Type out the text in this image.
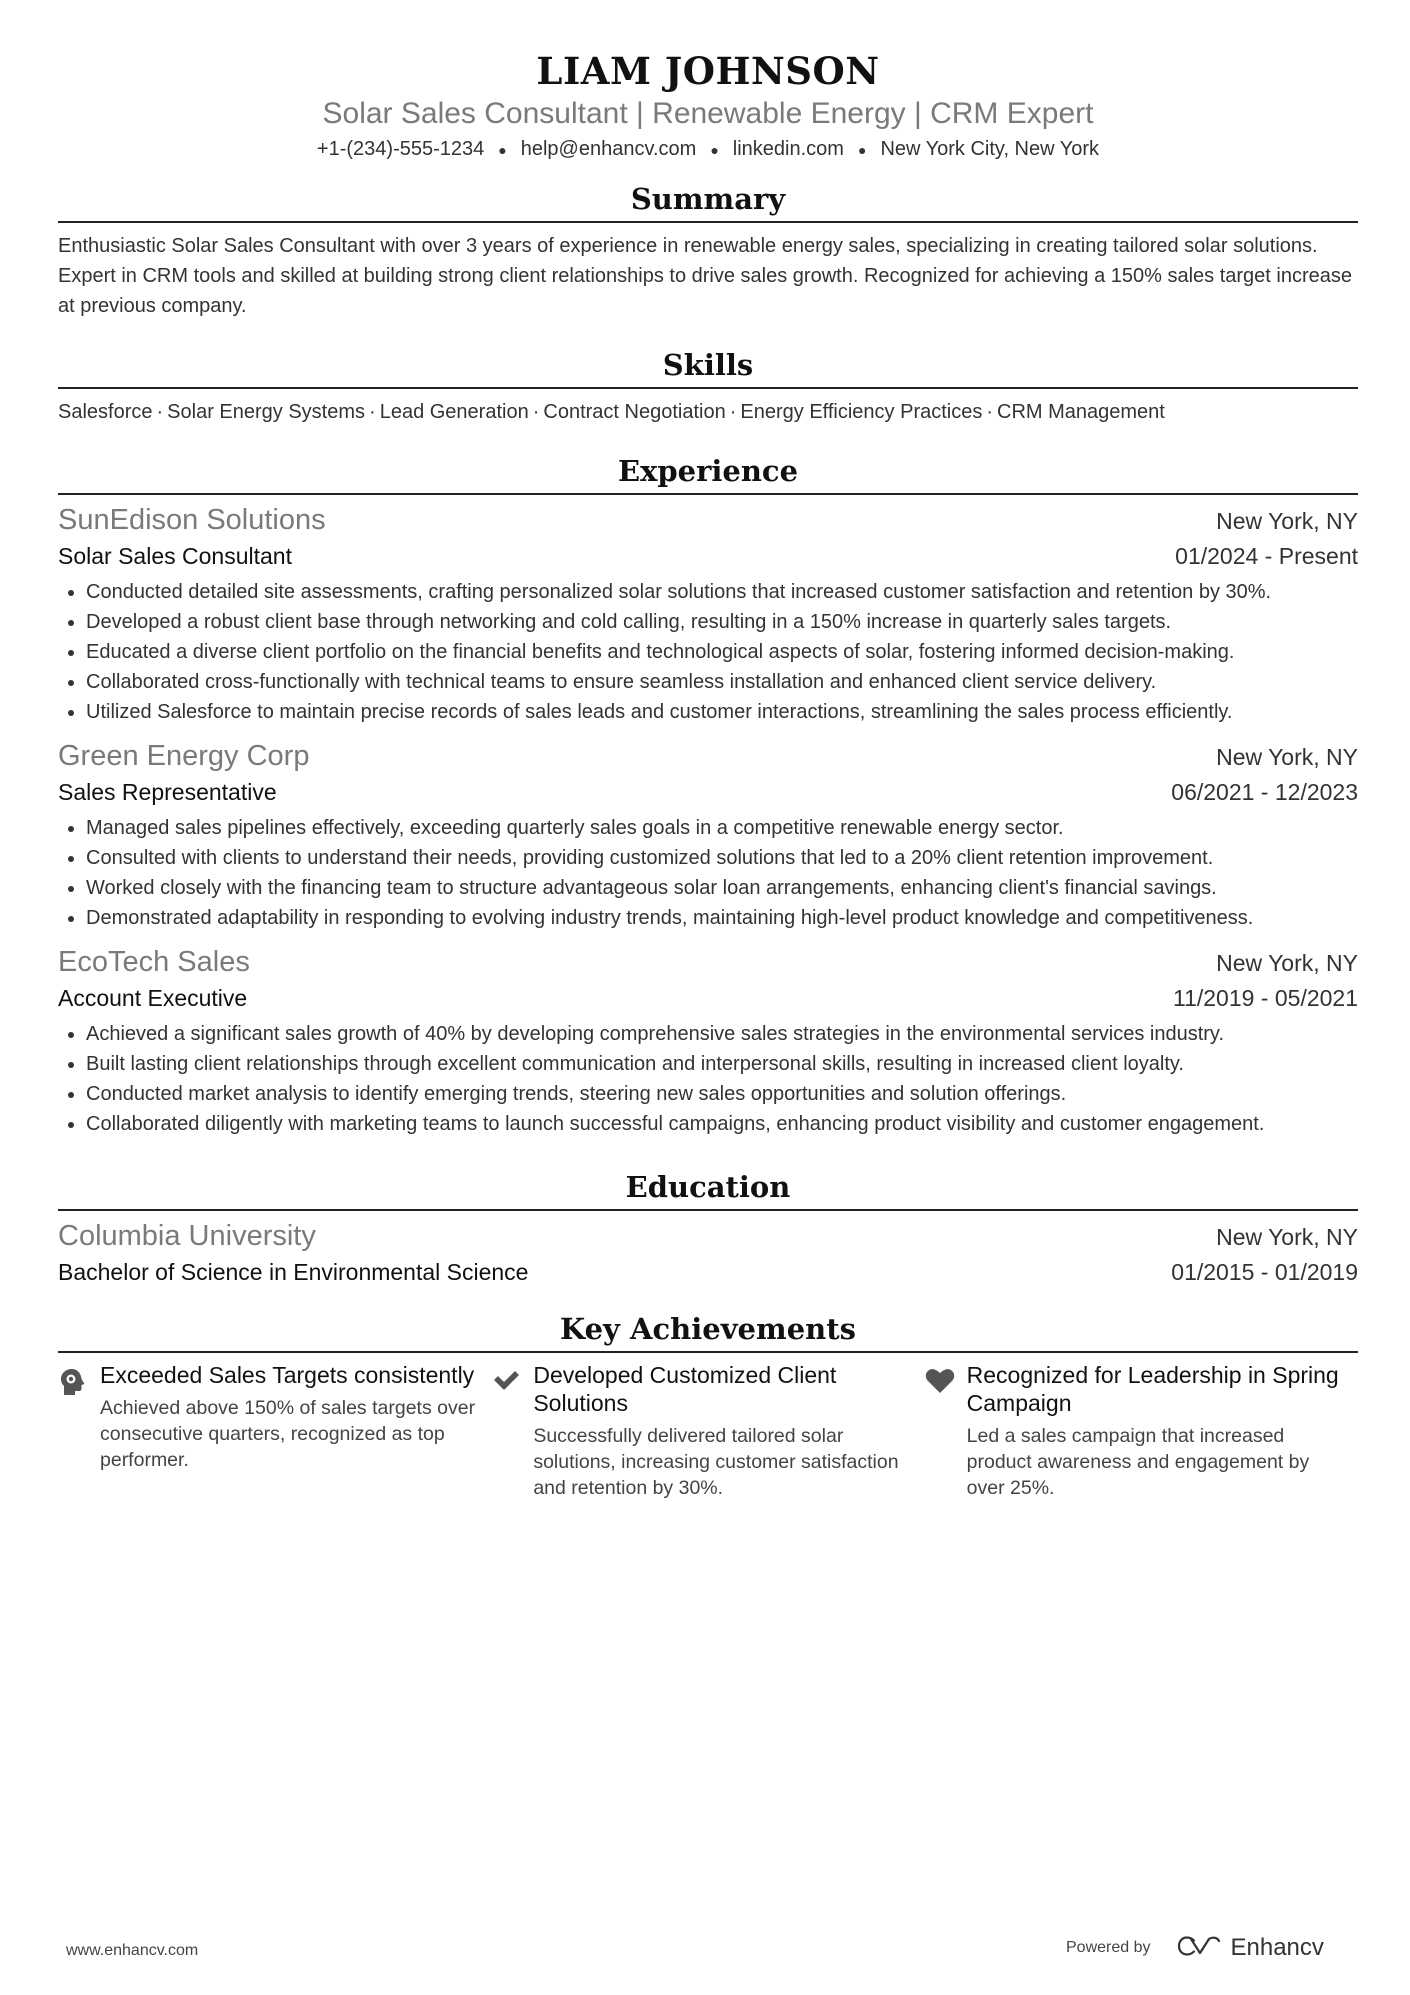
LIAM JOHNSON
Solar Sales Consultant | Renewable Energy | CRM Expert
+1-(234)-555-1234 ● help@enhancv.com ● linkedin.com ● New York City, New York
Summary
Enthusiastic Solar Sales Consultant with over 3 years of experience in renewable energy sales, specializing in creating tailored solar solutions. Expert in CRM tools and skilled at building strong client relationships to drive sales growth. Recognized for achieving a 150% sales target increase at previous company.
Skills
Salesforce · Solar Energy Systems · Lead Generation · Contract Negotiation · Energy Efficiency Practices · CRM Management
Experience
SunEdison Solutions	New York, NY
Solar Sales Consultant	01/2024 - Present
• Conducted detailed site assessments, crafting personalized solar solutions that increased customer satisfaction and retention by 30%.
• Developed a robust client base through networking and cold calling, resulting in a 150% increase in quarterly sales targets.
• Educated a diverse client portfolio on the financial benefits and technological aspects of solar, fostering informed decision-making.
• Collaborated cross-functionally with technical teams to ensure seamless installation and enhanced client service delivery.
• Utilized Salesforce to maintain precise records of sales leads and customer interactions, streamlining the sales process efficiently.
Green Energy Corp	New York, NY
Sales Representative	06/2021 - 12/2023
• Managed sales pipelines effectively, exceeding quarterly sales goals in a competitive renewable energy sector.
• Consulted with clients to understand their needs, providing customized solutions that led to a 20% client retention improvement.
• Worked closely with the financing team to structure advantageous solar loan arrangements, enhancing client's financial savings.
• Demonstrated adaptability in responding to evolving industry trends, maintaining high-level product knowledge and competitiveness.
EcoTech Sales	New York, NY
Account Executive	11/2019 - 05/2021
• Achieved a significant sales growth of 40% by developing comprehensive sales strategies in the environmental services industry.
• Built lasting client relationships through excellent communication and interpersonal skills, resulting in increased client loyalty.
• Conducted market analysis to identify emerging trends, steering new sales opportunities and solution offerings.
• Collaborated diligently with marketing teams to launch successful campaigns, enhancing product visibility and customer engagement.
Education
Columbia University	New York, NY
Bachelor of Science in Environmental Science	01/2015 - 01/2019
Key Achievements
Exceeded Sales Targets consistently
Achieved above 150% of sales targets over consecutive quarters, recognized as top performer.
Developed Customized Client Solutions
Successfully delivered tailored solar solutions, increasing customer satisfaction and retention by 30%.
Recognized for Leadership in Spring Campaign
Led a sales campaign that increased product awareness and engagement by over 25%.
www.enhancv.com	Powered by	Enhancv
